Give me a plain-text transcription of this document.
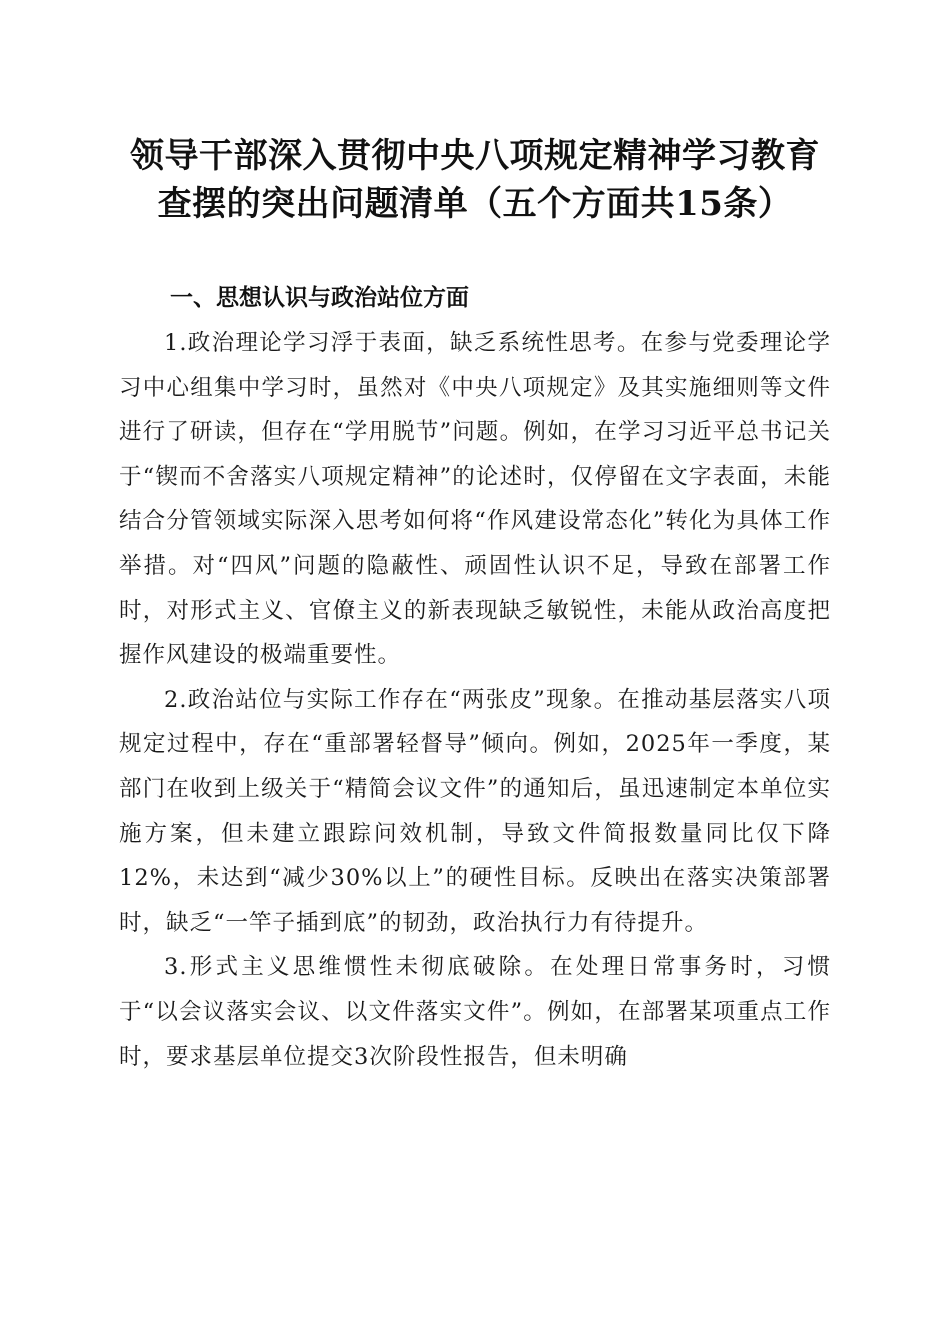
领导干部深入贯彻中央八项规定精神学习教育
查摆的突出问题清单（五个方面共15条）
一、思想认识与政治站位方面

1.政治理论学习浮于表面，缺乏系统性思考。在参与党委理论学习中心组集中学习时，虽然对《中央八项规定》及其实施细则等文件进行了研读，但存在“学用脱节”问题。例如，在学习习近平总书记关于“锲而不舍落实八项规定精神”的论述时，仅停留在文字表面，未能结合分管领域实际深入思考如何将“作风建设常态化”转化为具体工作举措。对“四风”问题的隐蔽性、顽固性认识不足，导致在部署工作时，对形式主义、官僚主义的新表现缺乏敏锐性，未能从政治高度把握作风建设的极端重要性。

2.政治站位与实际工作存在“两张皮”现象。在推动基层落实八项规定过程中，存在“重部署轻督导”倾向。例如，2025年一季度，某部门在收到上级关于“精简会议文件”的通知后，虽迅速制定本单位实施方案，但未建立跟踪问效机制，导致文件简报数量同比仅下降12%，未达到“减少30%以上”的硬性目标。反映出在落实决策部署时，缺乏“一竿子插到底”的韧劲，政治执行力有待提升。

3.形式主义思维惯性未彻底破除。在处理日常事务时，习惯于“以会议落实会议、以文件落实文件”。例如，在部署某项重点工作时，要求基层单位提交3次阶段性报告，但未明确
